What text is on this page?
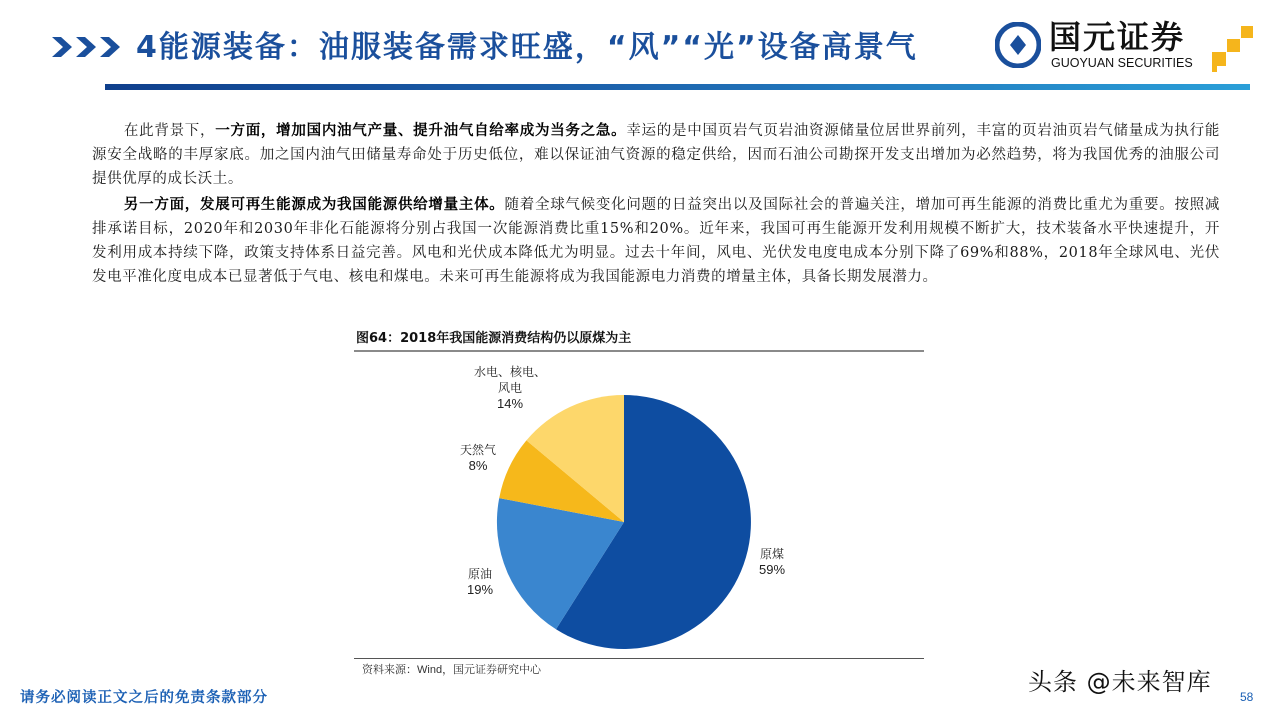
4能源装备：油服装备需求旺盛，“风”“光”设备高景气	国元证券
GUOYUAN SECURITIES

在此背景下，一方面，增加国内油气产量、提升油气自给率成为当务之急。幸运的是中国页岩气页岩油资源储量位居世界前列，丰富的页岩油页岩气储量成为执行能源安全战略的丰厚家底。加之国内油气田储量寿命处于历史低位，难以保证油气资源的稳定供给，因而石油公司勘探开发支出增加为必然趋势，将为我国优秀的油服公司提供优厚的成长沃土。

另一方面，发展可再生能源成为我国能源供给增量主体。随着全球气候变化问题的日益突出以及国际社会的普遍关注，增加可再生能源的消费比重尤为重要。按照减排承诺目标，2020年和2030年非化石能源将分别占我国一次能源消费比重15%和20%。近年来，我国可再生能源开发利用规模不断扩大，技术装备水平快速提升，开发利用成本持续下降，政策支持体系日益完善。风电和光伏成本降低尤为明显。过去十年间，风电、光伏发电度电成本分别下降了69%和88%，2018年全球风电、光伏发电平准化度电成本已显著低于气电、核电和煤电。未来可再生能源将成为我国能源电力消费的增量主体，具备长期发展潜力。

图64：2018年我国能源消费结构仍以原煤为主
水电、核电、
风电
14%
天然气
8%
原油
19%
原煤
59%
资料来源：Wind，国元证券研究中心
请务必阅读正文之后的免责条款部分	58
头条 @未来智库
